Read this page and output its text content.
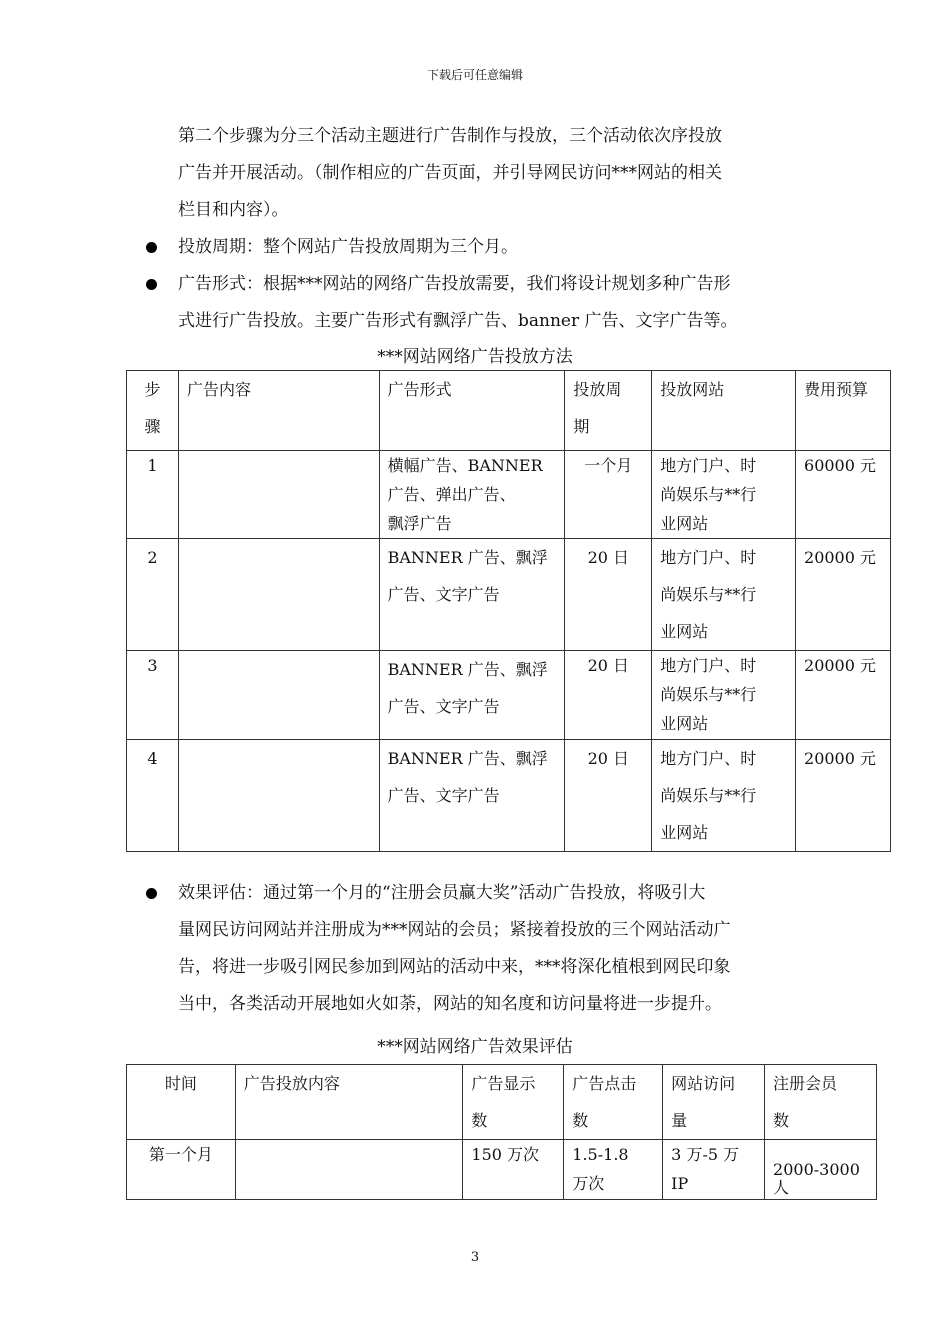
下载后可任意编辑
第二个步骤为分三个活动主题进行广告制作与投放，三个活动依次序投放
广告并开展活动。（制作相应的广告页面，并引导网民访问***网站的相关
栏目和内容）。
投放周期：整个网站广告投放周期为三个月。
广告形式：根据***网站的网络广告投放需要，我们将设计规划多种广告形
式进行广告投放。主要广告形式有飘浮广告、banner 广告、文字广告等。
***网站网络广告投放方法
步
骤	广告内容	广告形式	投放周
期	投放网站	费用预算
1		横幅广告、BANNER
广告、弹出广告、
飘浮广告	一个月	地方门户、时
尚娱乐与**行
业网站	60000 元
2		BANNER 广告、飘浮
广告、文字广告	20 日	地方门户、时
尚娱乐与**行
业网站	20000 元
3		BANNER 广告、飘浮
广告、文字广告	20 日	地方门户、时
尚娱乐与**行
业网站	20000 元
4		BANNER 广告、飘浮
广告、文字广告	20 日	地方门户、时
尚娱乐与**行
业网站	20000 元
效果评估：通过第一个月的“注册会员赢大奖”活动广告投放，将吸引大
量网民访问网站并注册成为***网站的会员；紧接着投放的三个网站活动广
告，将进一步吸引网民参加到网站的活动中来，***将深化植根到网民印象
当中，各类活动开展地如火如荼，网站的知名度和访问量将进一步提升。
***网站网络广告效果评估
时间	广告投放内容	广告显示
数	广告点击
数	网站访问
量	注册会员
数
第一个月		150 万次	1.5-1.8
万次	3 万-5 万
IP	2000-3000
人
3
